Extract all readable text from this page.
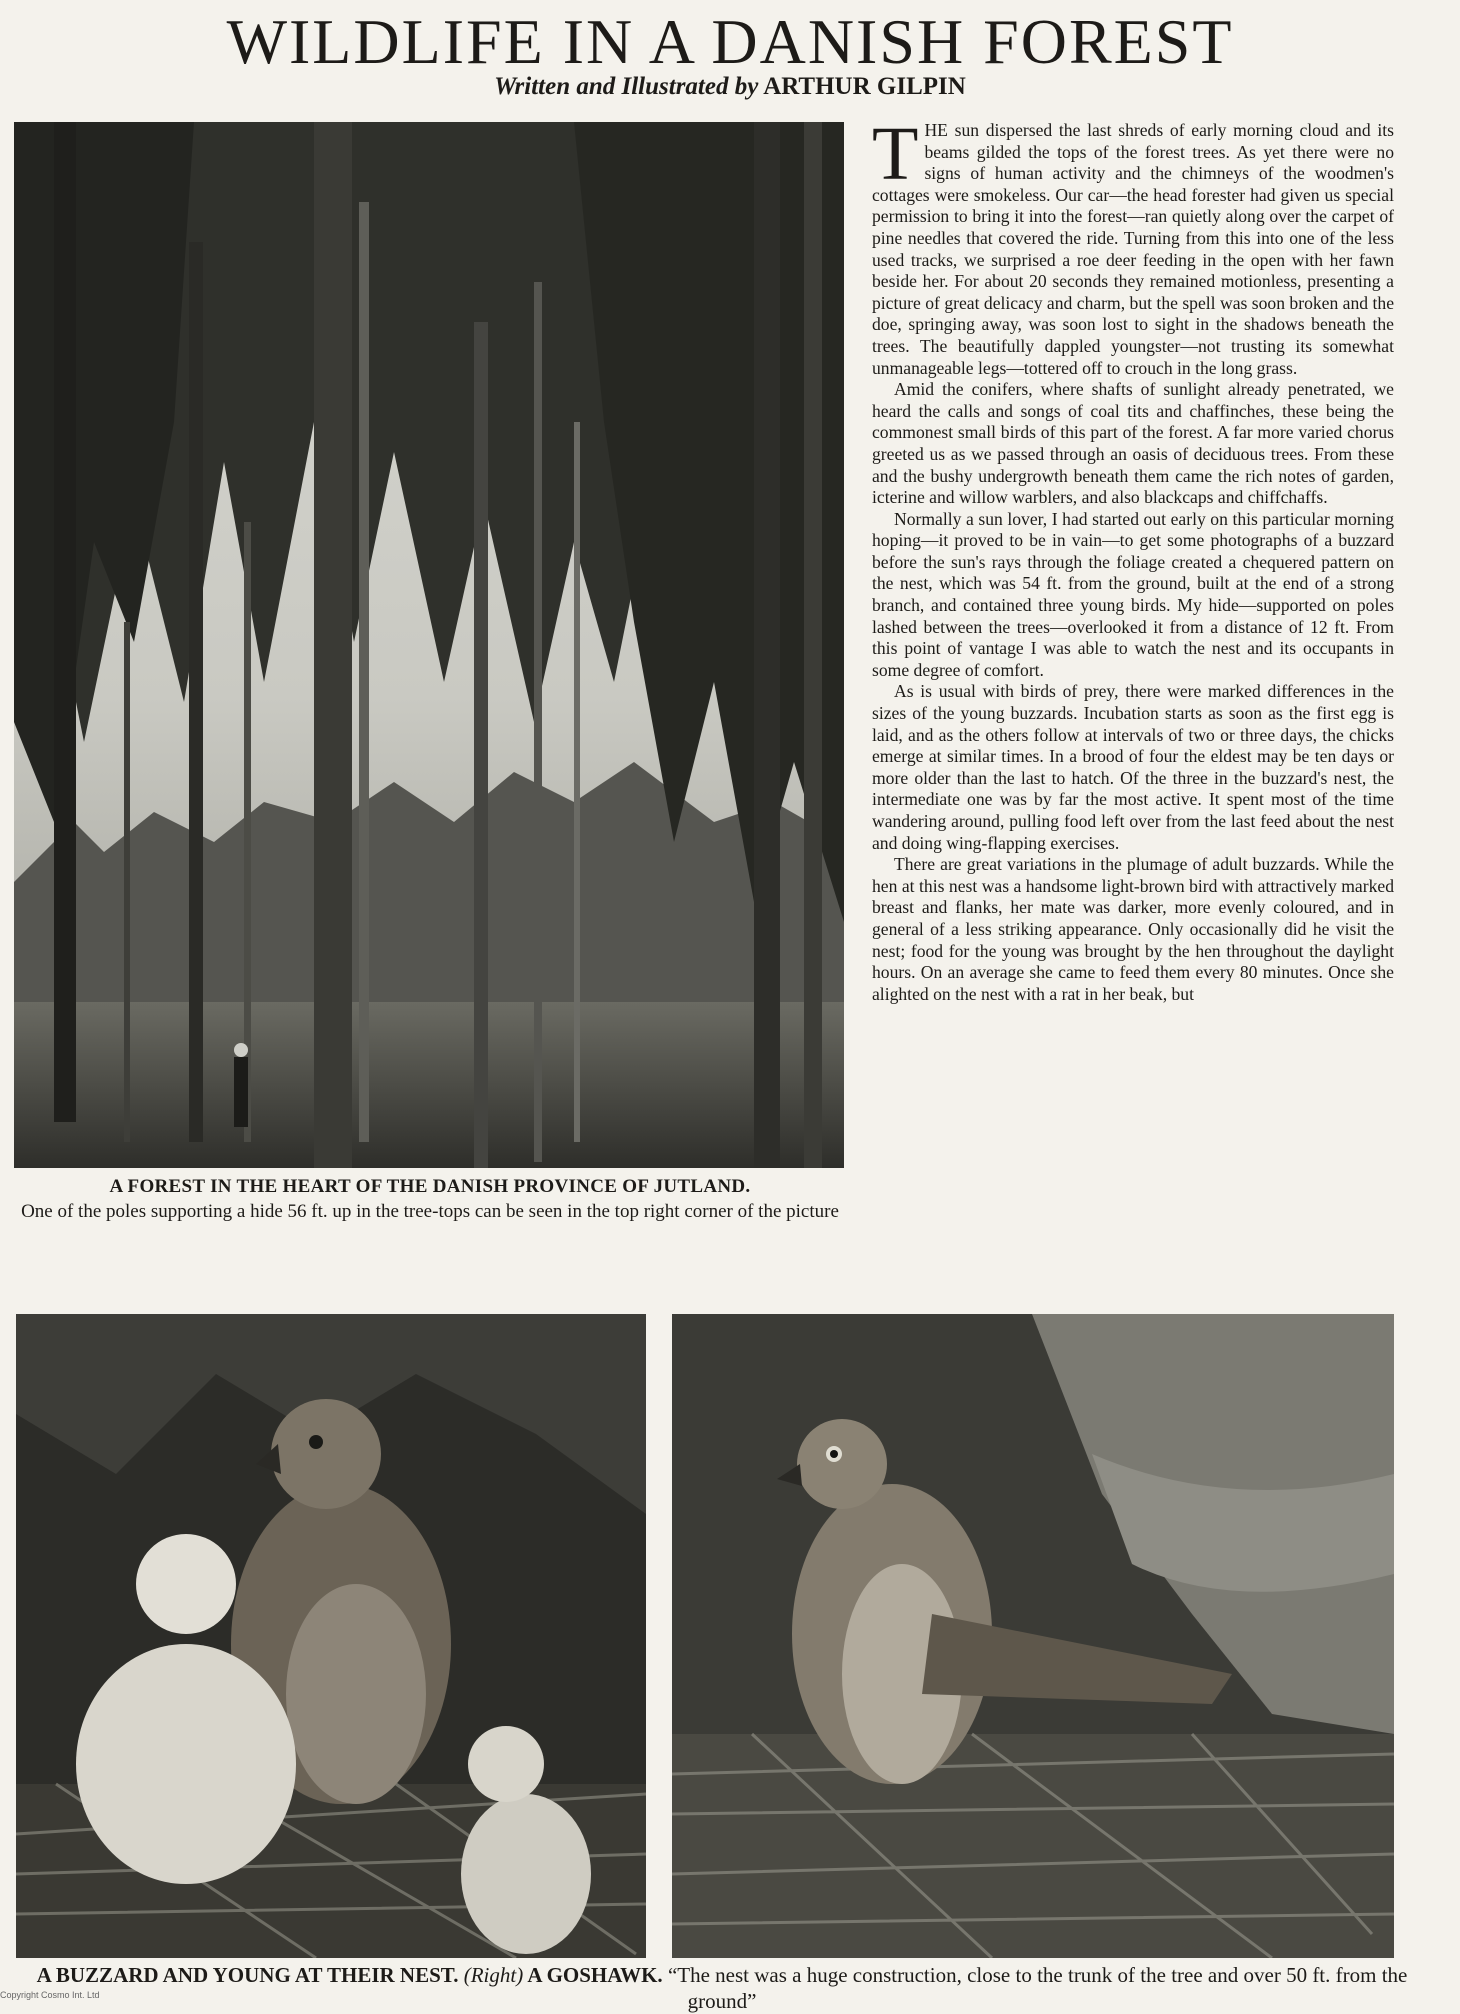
WILDLIFE IN A DANISH FOREST
Written and Illustrated by ARTHUR GILPIN
A FOREST IN THE HEART OF THE DANISH PROVINCE OF JUTLAND.
One of the poles supporting a hide 56 ft. up in the tree-tops can be seen in the top right corner of the picture

THE sun dispersed the last shreds of early morning cloud and its beams gilded the tops of the forest trees. As yet there were no signs of human activity and the chimneys of the woodmen's cottages were smokeless. Our car—the head forester had given us special permission to bring it into the forest—ran quietly along over the carpet of pine needles that covered the ride. Turning from this into one of the less used tracks, we surprised a roe deer feeding in the open with her fawn beside her. For about 20 seconds they remained motionless, presenting a picture of great delicacy and charm, but the spell was soon broken and the doe, springing away, was soon lost to sight in the shadows beneath the trees. The beautifully dappled youngster—not trusting its somewhat unmanageable legs—tottered off to crouch in the long grass.

Amid the conifers, where shafts of sunlight already penetrated, we heard the calls and songs of coal tits and chaffinches, these being the commonest small birds of this part of the forest. A far more varied chorus greeted us as we passed through an oasis of deciduous trees. From these and the bushy undergrowth beneath them came the rich notes of garden, icterine and willow warblers, and also blackcaps and chiffchaffs.

Normally a sun lover, I had started out early on this particular morning hoping—it proved to be in vain—to get some photographs of a buzzard before the sun's rays through the foliage created a chequered pattern on the nest, which was 54 ft. from the ground, built at the end of a strong branch, and contained three young birds. My hide—supported on poles lashed between the trees—overlooked it from a distance of 12 ft. From this point of vantage I was able to watch the nest and its occupants in some degree of comfort.

As is usual with birds of prey, there were marked differences in the sizes of the young buzzards. Incubation starts as soon as the first egg is laid, and as the others follow at intervals of two or three days, the chicks emerge at similar times. In a brood of four the eldest may be ten days or more older than the last to hatch. Of the three in the buzzard's nest, the intermediate one was by far the most active. It spent most of the time wandering around, pulling food left over from the last feed about the nest and doing wing-flapping exercises.

There are great variations in the plumage of adult buzzards. While the hen at this nest was a handsome light-brown bird with attractively marked breast and flanks, her mate was darker, more evenly coloured, and in general of a less striking appearance. Only occasionally did he visit the nest; food for the young was brought by the hen throughout the daylight hours. On an average she came to feed them every 80 minutes. Once she alighted on the nest with a rat in her beak, but

A BUZZARD AND YOUNG AT THEIR NEST. (Right) A GOSHAWK. “The nest was a huge construction, close to the trunk of the tree and over 50 ft. from the ground”
Copyright Cosmo Int. Ltd
